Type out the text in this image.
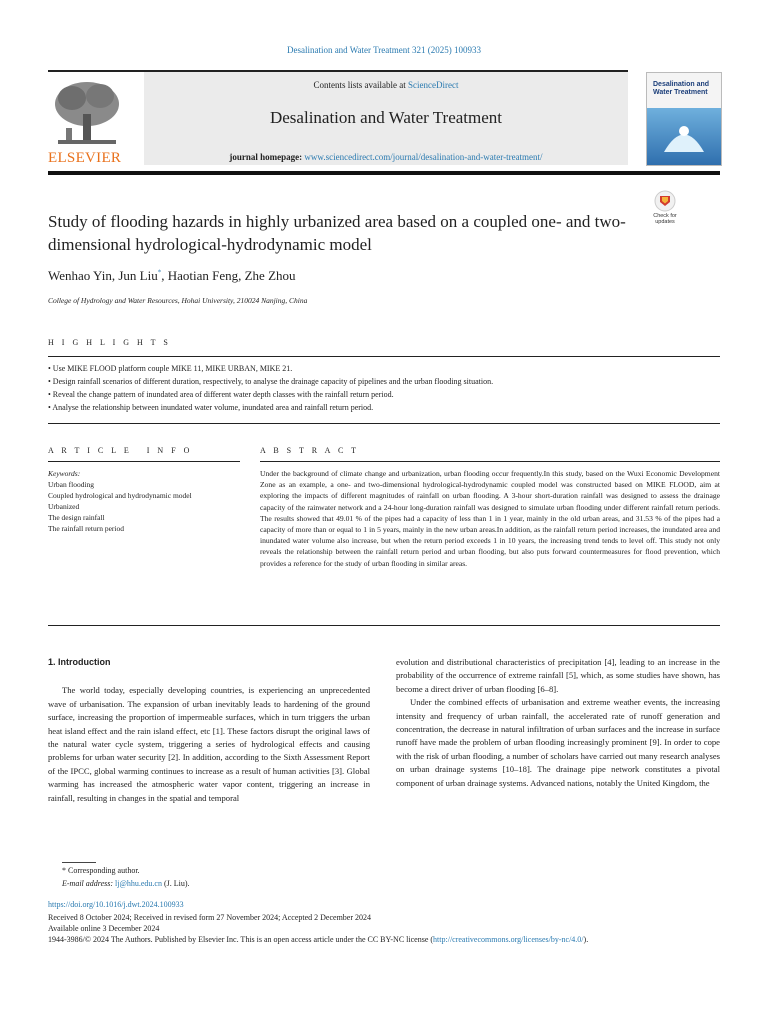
Desalination and Water Treatment 321 (2025) 100933
ELSEVIER
Contents lists available at ScienceDirect
Desalination and Water Treatment
journal homepage: www.sciencedirect.com/journal/desalination-and-water-treatment/
Desalination and Water Treatment
Check for updates
Study of flooding hazards in highly urbanized area based on a coupled one- and two-dimensional hydrological-hydrodynamic model
Wenhao Yin, Jun Liu*, Haotian Feng, Zhe Zhou
College of Hydrology and Water Resources, Hohai University, 210024 Nanjing, China
H I G H L I G H T S
• Use MIKE FLOOD platform couple MIKE 11, MIKE URBAN, MIKE 21.
• Design rainfall scenarios of different duration, respectively, to analyse the drainage capacity of pipelines and the urban flooding situation.
• Reveal the change pattern of inundated area of different water depth classes with the rainfall return period.
• Analyse the relationship between inundated water volume, inundated area and rainfall return period.
A R T I C L E   I N F O	A B S T R A C T
Keywords:
Urban flooding
Coupled hydrological and hydrodynamic model
Urbanized
The design rainfall
The rainfall return period
Under the background of climate change and urbanization, urban flooding occur frequently.In this study, based on the Wuxi Economic Development Zone as an example, a one- and two-dimensional hydrological-hydrodynamic coupled model was constructed based on MIKE FLOOD, aim at exploring the impacts of different magnitudes of rainfall on urban flooding. A 3-hour short-duration rainfall was designed to assess the drainage capacity of the rainwater network and a 24-hour long-duration rainfall was designed to simulate urban flooding under different rainfall return periods. The results showed that 49.01 % of the pipes had a capacity of less than 1 in 1 year, mainly in the old urban areas, and 31.53 % of the pipes had a capacity of more than or equal to 1 in 5 years, mainly in the new urban areas.In addition, as the rainfall return period increases, the inundated area and inundated water volume also increase, but when the return period exceeds 1 in 10 years, the increasing trend tends to level off. This study not only reveals the relationship between the rainfall return period and urban flooding, but also puts forward countermeasures for flood prevention, which provides a reference for the study of urban flooding in similar areas.
1. Introduction
The world today, especially developing countries, is experiencing an unprecedented wave of urbanisation. The expansion of urban inevitably leads to hardening of the ground surface, increasing the proportion of impermeable surfaces, which in turn triggers the urban heat island effect and the rain island effect, etc [1]. These factors disrupt the original laws of the natural water cycle system, triggering a series of hydrological effects and causing problems for urban water security [2]. In addition, according to the Sixth Assessment Report of the IPCC, global warming continues to increase as a result of human activities [3]. Global warming has increased the atmospheric water vapor content, triggering an increase in rainfall, resulting in changes in the spatial and temporal
evolution and distributional characteristics of precipitation [4], leading to an increase in the probability of the occurrence of extreme rainfall [5], which, as some studies have shown, has become a direct driver of urban flooding [6–8].
Under the combined effects of urbanisation and extreme weather events, the increasing intensity and frequency of urban rainfall, the accelerated rate of runoff generation and concentration, the decrease in natural infiltration of urban surfaces and the increase in surface runoff have made the problem of urban flooding increasingly prominent [9]. In order to cope with the risk of urban flooding, a number of scholars have carried out many research analyses on urban drainage systems [10–18]. The drainage pipe network constitutes a pivotal component of urban drainage systems. Advanced nations, notably the United Kingdom, the
* Corresponding author.
E-mail address: lj@hhu.edu.cn (J. Liu).
https://doi.org/10.1016/j.dwt.2024.100933
Received 8 October 2024; Received in revised form 27 November 2024; Accepted 2 December 2024
Available online 3 December 2024
1944-3986/© 2024 The Authors. Published by Elsevier Inc. This is an open access article under the CC BY-NC license (http://creativecommons.org/licenses/by-nc/4.0/).
